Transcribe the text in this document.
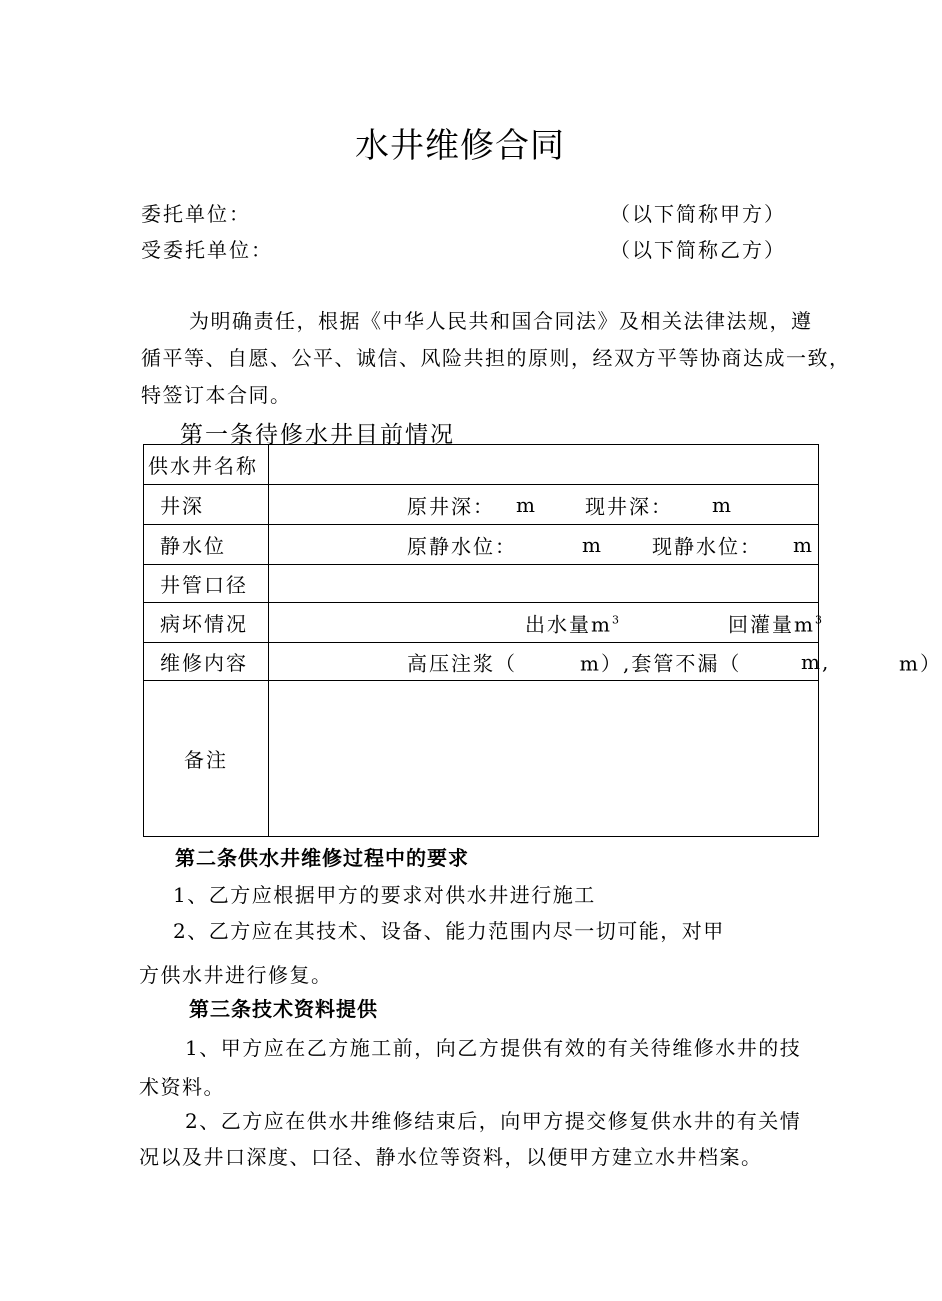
水井维修合同
委托单位：	（以下简称甲方）
受委托单位：	（以下简称乙方）
为明确责任，根据《中华人民共和国合同法》及相关法律法规，遵
循平等、自愿、公平、诚信、风险共担的原则，经双方平等协商达成一致，
特签订本合同。
第一条待修水井目前情况
供水井名称	
井深	原井深： m 现井深： m

静水位	原静水位： m 现静水位： m

井管口径	
病坏情况	出水量$m^3$ 回灌量$m^3$

维修内容	高压注浆（ m）,套管不漏（ m, m）

备注	
第二条供水井维修过程中的要求
1、乙方应根据甲方的要求对供水井进行施工
2、乙方应在其技术、设备、能力范围内尽一切可能，对甲
方供水井进行修复。
第三条技术资料提供
1、甲方应在乙方施工前，向乙方提供有效的有关待维修水井的技
术资料。
2、乙方应在供水井维修结束后，向甲方提交修复供水井的有关情
况以及井口深度、口径、静水位等资料，以便甲方建立水井档案。
